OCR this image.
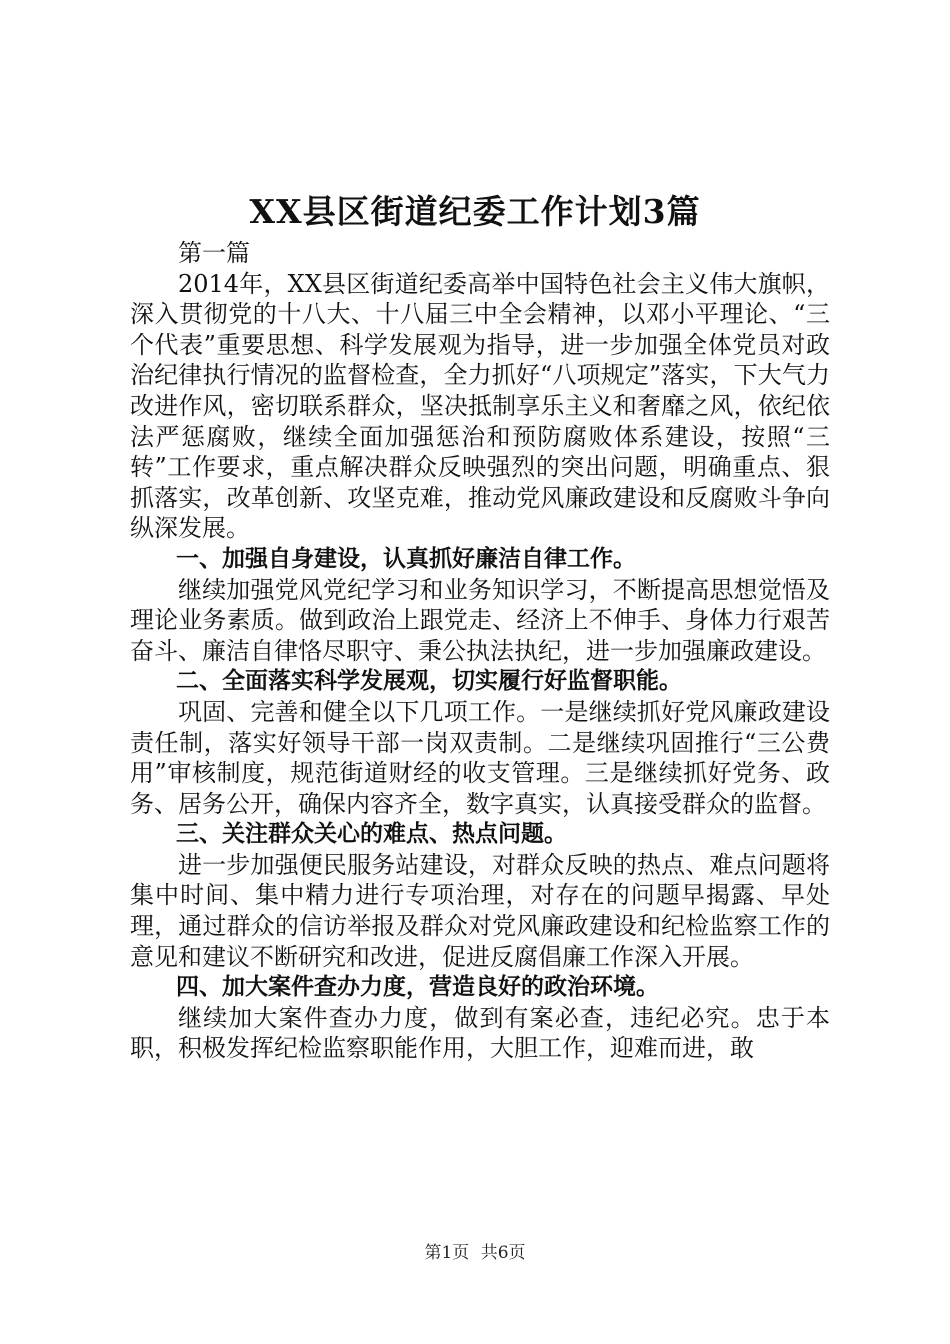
XX县区街道纪委工作计划3篇

第一篇

2014年，XX县区街道纪委高举中国特色社会主义伟大旗帜，深入贯彻党的十八大、十八届三中全会精神，以邓小平理论、“三个代表”重要思想、科学发展观为指导，进一步加强全体党员对政治纪律执行情况的监督检查，全力抓好“八项规定”落实，下大气力改进作风，密切联系群众，坚决抵制享乐主义和奢靡之风，依纪依法严惩腐败，继续全面加强惩治和预防腐败体系建设，按照“三转”工作要求，重点解决群众反映强烈的突出问题，明确重点、狠抓落实，改革创新、攻坚克难，推动党风廉政建设和反腐败斗争向纵深发展。

一、加强自身建设，认真抓好廉洁自律工作。

继续加强党风党纪学习和业务知识学习，不断提高思想觉悟及理论业务素质。做到政治上跟党走、经济上不伸手、身体力行艰苦奋斗、廉洁自律恪尽职守、秉公执法执纪，进一步加强廉政建设。

二、全面落实科学发展观，切实履行好监督职能。

巩固、完善和健全以下几项工作。一是继续抓好党风廉政建设责任制，落实好领导干部一岗双责制。二是继续巩固推行“三公费用”审核制度，规范街道财经的收支管理。三是继续抓好党务、政务、居务公开，确保内容齐全，数字真实，认真接受群众的监督。

三、关注群众关心的难点、热点问题。

进一步加强便民服务站建设，对群众反映的热点、难点问题将集中时间、集中精力进行专项治理，对存在的问题早揭露、早处理，通过群众的信访举报及群众对党风廉政建设和纪检监察工作的意见和建议不断研究和改进，促进反腐倡廉工作深入开展。

四、加大案件查办力度，营造良好的政治环境。

继续加大案件查办力度，做到有案必查，违纪必究。忠于本职，积极发挥纪检监察职能作用，大胆工作，迎难而进，敢

第1页 共6页
